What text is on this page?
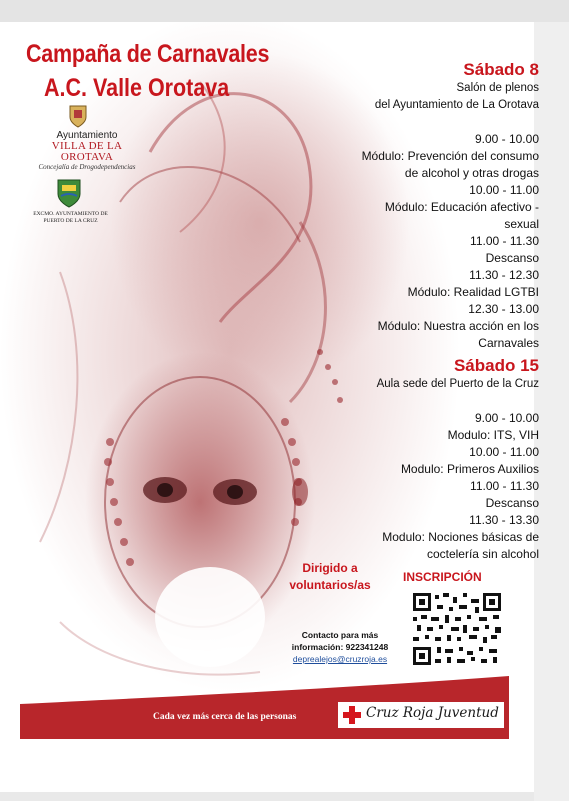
Campaña de Carnavales
A.C. Valle Orotava
Ayuntamiento
VILLA DE LA OROTAVA
Concejalía de Drogodependencias
EXCMO. AYUNTAMIENTO DE
PUERTO DE LA CRUZ
Sábado 8
Salón de plenos
del Ayuntamiento de La Orotava
9.00 - 10.00
Módulo: Prevención del consumo
de alcohol y otras drogas
10.00 - 11.00
Módulo: Educación afectivo -
sexual
11.00 - 11.30
Descanso
11.30 - 12.30
Módulo: Realidad LGTBI
12.30 - 13.00
Módulo: Nuestra acción en los
Carnavales
Sábado 15
Aula sede del Puerto de la Cruz
9.00 - 10.00
Modulo: ITS, VIH
10.00 - 11.00
Modulo: Primeros Auxilios
11.00 - 11.30
Descanso
11.30 - 13.30
Modulo: Nociones básicas de
coctelería sin alcohol
Dirigido a
voluntarios/as
INSCRIPCIÓN
Contacto para más
información: 922341248
deprealejos@cruzroja.es
Cada vez más cerca de las personas	Cruz Roja Juventud
